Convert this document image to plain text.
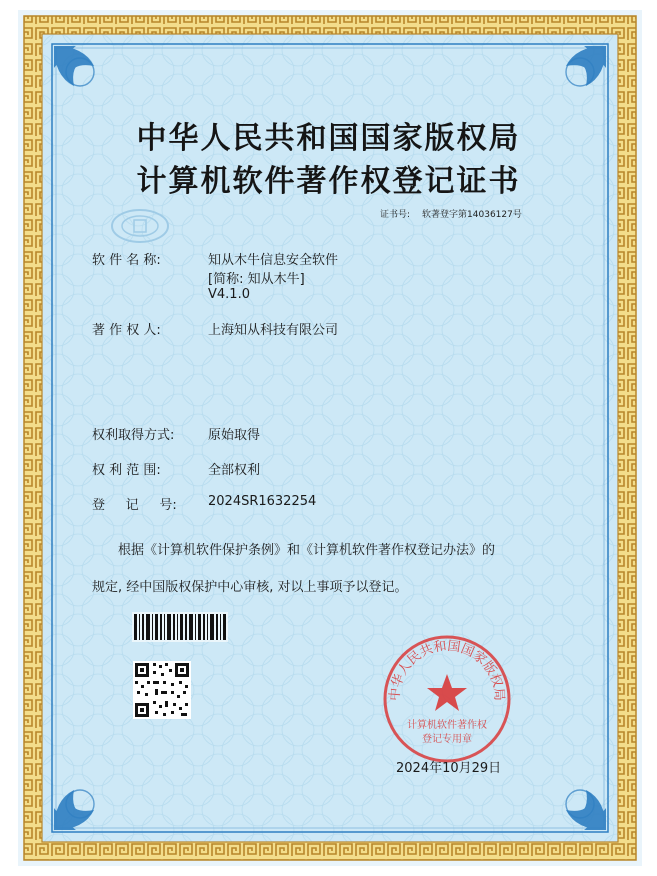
中华人民共和国国家版权局
计算机软件著作权登记证书
证书号: 软著登字第14036127号
软 件 名 称:	知从木牛信息安全软件
[简称: 知从木牛]
V4.1.0
著 作 权 人:	上海知从科技有限公司
权利取得方式:	原始取得
权 利 范 围:	全部权利
登     记     号: 2024SR1632254
根据《计算机软件保护条例》和《计算机软件著作权登记办法》的
规定, 经中国版权保护中心审核, 对以上事项予以登记。
中华人民共和国国家版权局
计算机软件著作权
登记专用章
2024年10月29日
